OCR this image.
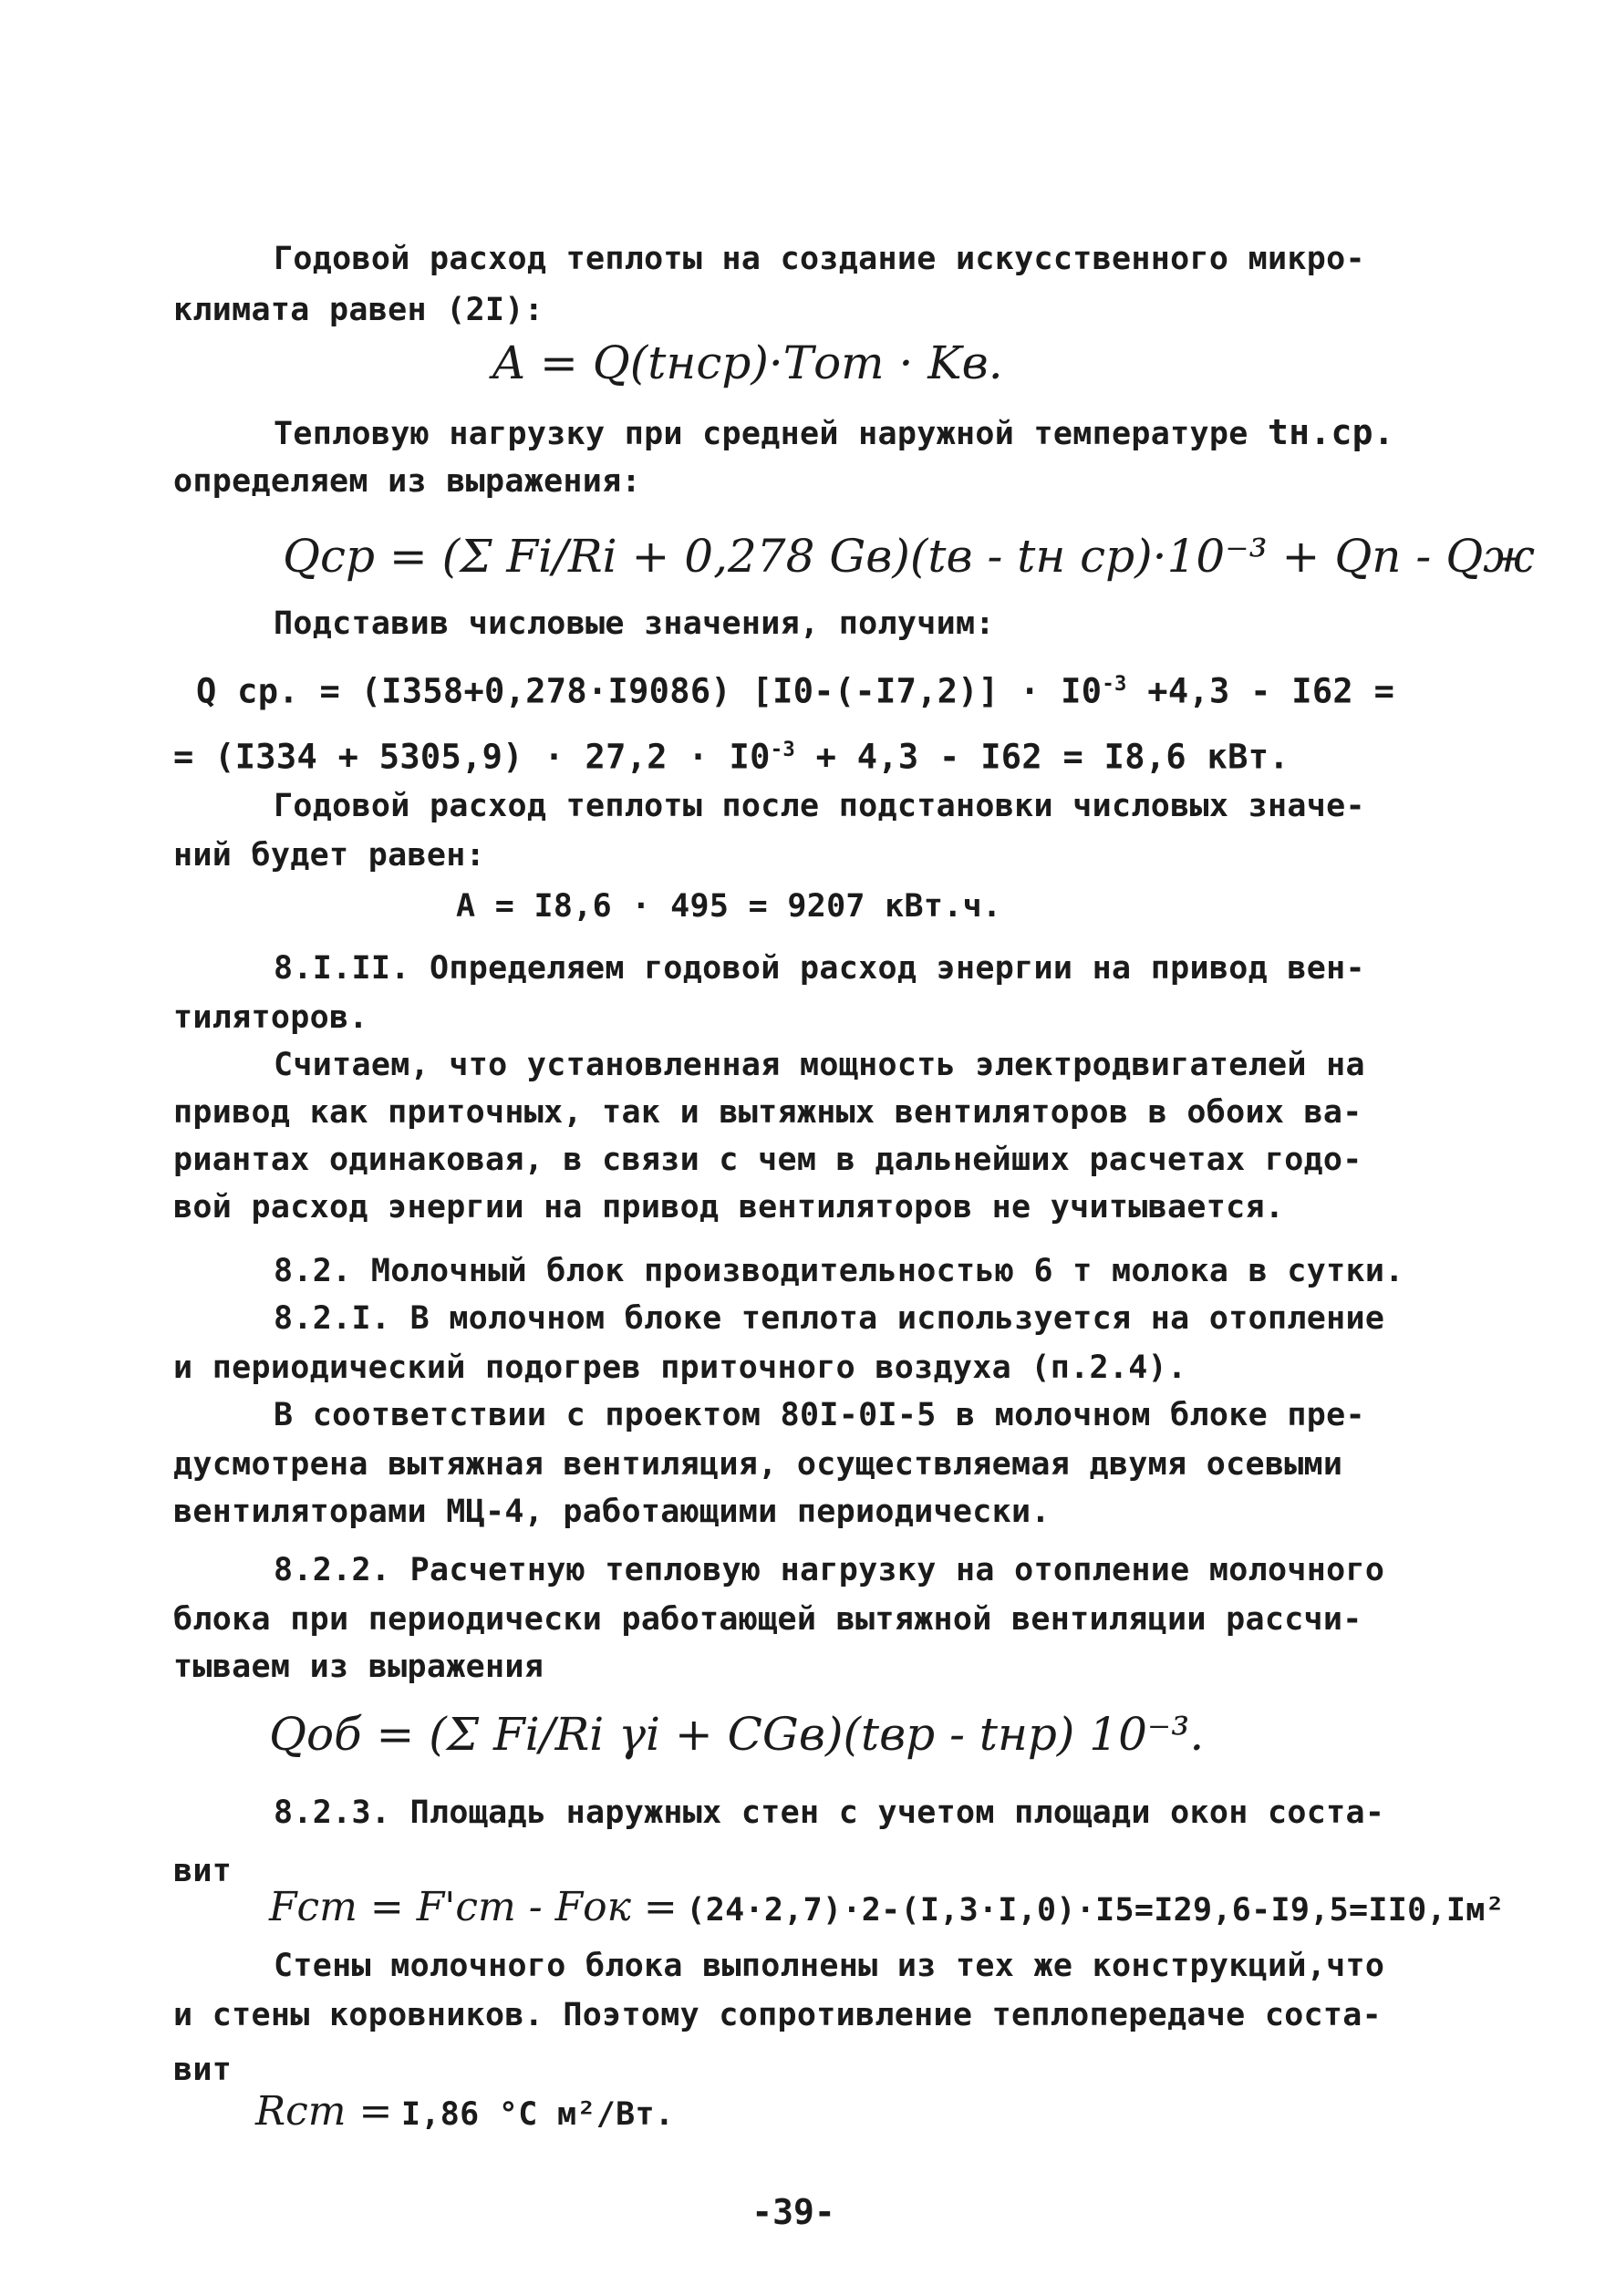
Годовой расход теплоты на создание искусственного микро-
климата равен (2I):
A = Q(tнср)·Tот · Kв.
Тепловую нагрузку при средней наружной температуре tн.ср.
определяем из выражения:
Qср = (Σ Fi/Ri + 0,278 Gв)(tв - tн ср)·10⁻³ + Qп - Qж
Подставив числовые значения, получим:
Q ср. = (I358+0,278·I9086) $[I0-(-I7,2)] \cdot I0^{-3} +4,3 - I62$ =
= $(I334 + 5305,9) \cdot 27,2 \cdot I0^{-3} + 4,3 - I62 = I8,6$ кВт.
Годовой расход теплоты после подстановки числовых значе-
ний будет равен:
A = I8,6 · 495 = 9207 кВт.ч.
8.I.II. Определяем годовой расход энергии на привод вен-
тиляторов.
Считаем, что установленная мощность электродвигателей на
привод как приточных, так и вытяжных вентиляторов в обоих ва-
риантах одинаковая, в связи с чем в дальнейших расчетах годо-
вой расход энергии на привод вентиляторов не учитывается.
8.2. Молочный блок производительностью 6 т молока в сутки.
8.2.I. В молочном блоке теплота используется на отопление
и периодический подогрев приточного воздуха (п.2.4).
В соответствии с проектом 80I-0I-5 в молочном блоке пре-
дусмотрена вытяжная вентиляция, осуществляемая двумя осевыми
вентиляторами МЦ-4, работающими периодически.
8.2.2. Расчетную тепловую нагрузку на отопление молочного
блока при периодически работающей вытяжной вентиляции рассчи-
тываем из выражения
Qоб = (Σ Fi/Ri γi + CGв)(tвр - tнр) 10⁻³.
8.2.3. Площадь наружных стен с учетом площади окон соста-
вит
Fст = F'ст - Fок = (24·2,7)·2-(I,3·I,0)·I5=I29,6-I9,5=II0,Iм²
Стены молочного блока выполнены из тех же конструкций,что
и стены коровников. Поэтому сопротивление теплопередаче соста-
вит
Rст = I,86 °С м²/Вт.
-39-
